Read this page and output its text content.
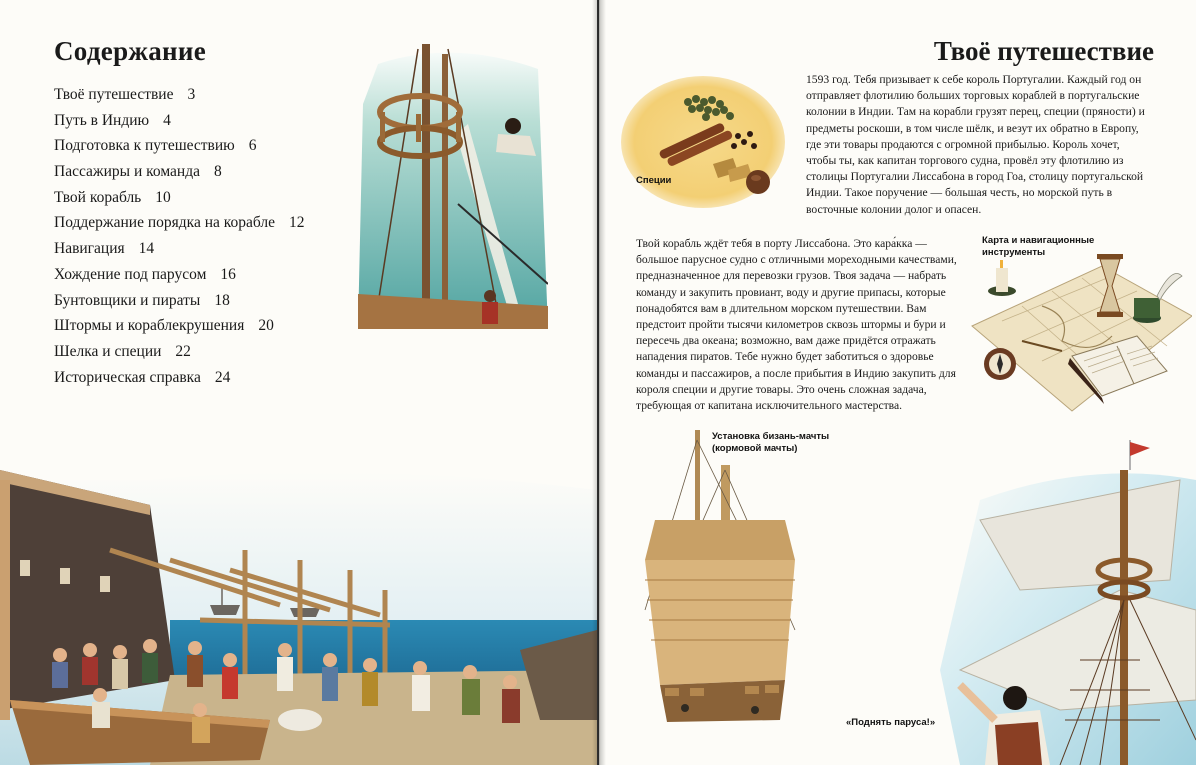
Содержание
Твоё путешествие 3
Путь в Индию 4
Подготовка к путешествию 6
Пассажиры и команда 8
Твой корабль 10
Поддержание порядка на корабле 12
Навигация 14
Хождение под парусом 16
Бунтовщики и пираты 18
Штормы и кораблекрушения 20
Шелка и специи 22
Историческая справка 24
Твоё путешествие
Специи

1593 год. Тебя призывает к себе король Португалии. Каждый год он отправляет флотилию больших торговых кораблей в португальские колонии в Индии. Там на корабли грузят перец, специи (пряности) и предметы роскоши, в том числе шёлк, и везут их обратно в Европу, где эти товары продаются с огромной прибылью. Король хочет, чтобы ты, как капитан торгового судна, провёл эту флотилию из столицы Португалии Лиссабона в город Гоа, столицу португальской Индии. Такое поручение — большая честь, но морской путь в восточные колонии долог и опасен.

Твой корабль ждёт тебя в порту Лиссабона. Это кара́кка — большое парусное судно с отличными мореходными качествами, предназначенное для перевозки грузов. Твоя задача — набрать команду и закупить провиант, воду и другие припасы, которые понадобятся вам в длительном морском путешествии. Вам предстоит пройти тысячи километров сквозь штормы и бури и пересечь два океана; возможно, вам даже придётся отражать нападения пиратов. Тебе нужно будет заботиться о здоровье команды и пассажиров, а после прибытия в Индию закупить для короля специи и другие товары. Это очень сложная задача, требующая от капитана исключительного мастерства.

Карта и навигационные инструменты
Установка бизань-мачты (кормовой мачты)
«Поднять паруса!»
